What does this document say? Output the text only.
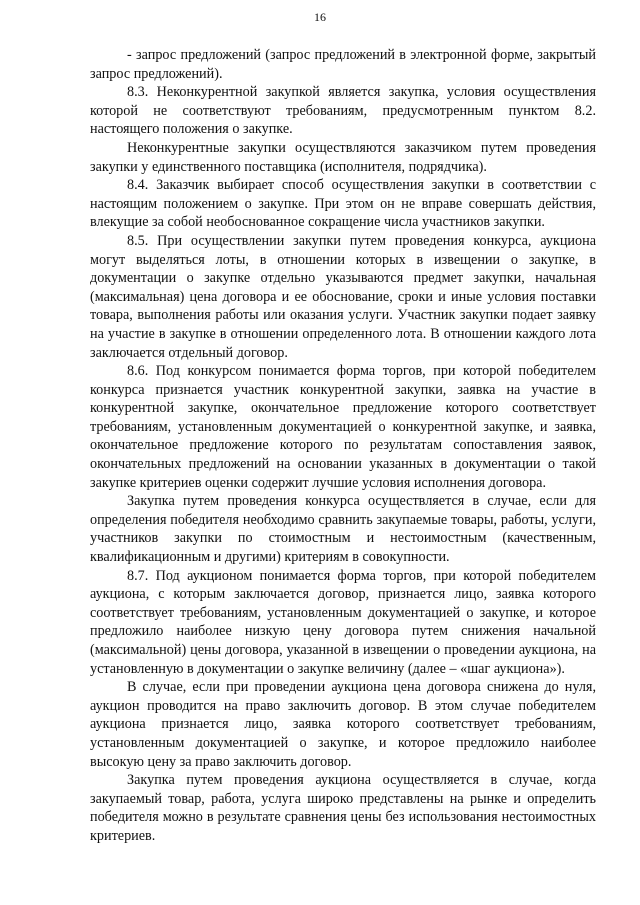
16

- запрос предложений (запрос предложений в электронной форме, закрытый запрос предложений).

8.3. Неконкурентной закупкой является закупка, условия осуществления которой не соответствуют требованиям, предусмотренным пунктом 8.2. настоящего положения о закупке.

Неконкурентные закупки осуществляются заказчиком путем проведения закупки у единственного поставщика (исполнителя, подрядчика).

8.4. Заказчик выбирает способ осуществления закупки в соответствии с настоящим положением о закупке. При этом он не вправе совершать действия, влекущие за собой необоснованное сокращение числа участников закупки.

8.5. При осуществлении закупки путем проведения конкурса, аукциона могут выделяться лоты, в отношении которых в извещении о закупке, в документации о закупке отдельно указываются предмет закупки, начальная (максимальная) цена договора и ее обоснование, сроки и иные условия поставки товара, выполнения работы или оказания услуги. Участник закупки подает заявку на участие в закупке в отношении определенного лота. В отношении каждого лота заключается отдельный договор.

8.6. Под конкурсом понимается форма торгов, при которой победителем конкурса признается участник конкурентной закупки, заявка на участие в конкурентной закупке, окончательное предложение которого соответствует требованиям, установленным документацией о конкурентной закупке, и заявка, окончательное предложение которого по результатам сопоставления заявок, окончательных предложений на основании указанных в документации о такой закупке критериев оценки содержит лучшие условия исполнения договора.

Закупка путем проведения конкурса осуществляется в случае, если для определения победителя необходимо сравнить закупаемые товары, работы, услуги, участников закупки по стоимостным и нестоимостным (качественным, квалификационным и другими) критериям в совокупности.

8.7. Под аукционом понимается форма торгов, при которой победителем аукциона, с которым заключается договор, признается лицо, заявка которого соответствует требованиям, установленным документацией о закупке, и которое предложило наиболее низкую цену договора путем снижения начальной (максимальной) цены договора, указанной в извещении о проведении аукциона, на установленную в документации о закупке величину (далее – «шаг аукциона»).

В случае, если при проведении аукциона цена договора снижена до нуля, аукцион проводится на право заключить договор. В этом случае победителем аукциона признается лицо, заявка которого соответствует требованиям, установленным документацией о закупке, и которое предложило наиболее высокую цену за право заключить договор.

Закупка путем проведения аукциона осуществляется в случае, когда закупаемый товар, работа, услуга широко представлены на рынке и определить победителя можно в результате сравнения цены без использования нестоимостных критериев.
